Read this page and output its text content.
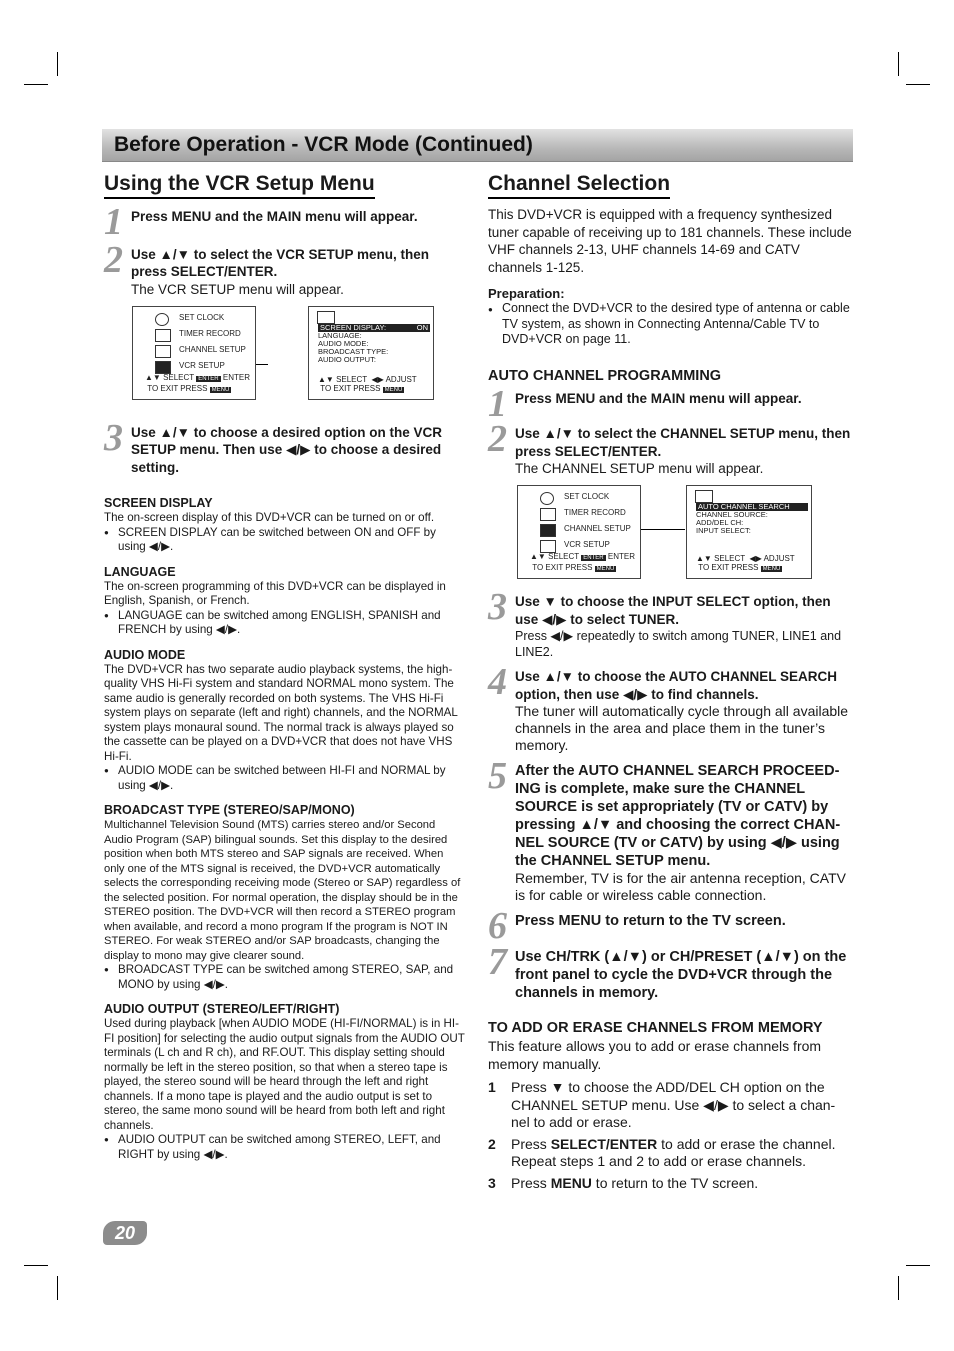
Before Operation - VCR Mode (Continued)
Using the VCR Setup Menu
1 Press MENU and the MAIN menu will appear.
2 Use ▲/▼ to select the VCR SETUP menu, then press SELECT/ENTER.
The VCR SETUP menu will appear.
SET CLOCK
TIMER RECORD
CHANNEL SETUP
VCR SETUP
▲▼ SELECT ENTER ENTER
TO EXIT PRESS MENU
SCREEN DISPLAY:	ON
LANGUAGE:
AUDIO MODE:
BROADCAST TYPE:
AUDIO OUTPUT:
▲▼ SELECT  ◀▶ ADJUST
TO EXIT PRESS MENU
3 Use ▲/▼ to choose a desired option on the VCR SETUP menu. Then use ◀/▶ to choose a desired setting.
SCREEN DISPLAY

The on-screen display of this DVD+VCR can be turned on or off.

● SCREEN DISPLAY can be switched between ON and OFF by using ◀/▶.

LANGUAGE

The on-screen programming of this DVD+VCR can be displayed in English, Spanish, or French.

● LANGUAGE can be switched among ENGLISH, SPANISH and FRENCH by using ◀/▶.

AUDIO MODE

The DVD+VCR has two separate audio playback systems, the high-quality VHS Hi-Fi system and standard NORMAL mono system. The same audio is generally recorded on both systems. The VHS Hi-Fi system plays on separate (left and right) channels, and the NORMAL system plays monaural sound. The normal track is always played so the cassette can be played on a DVD+VCR that does not have VHS Hi-Fi.

● AUDIO MODE can be switched between HI-FI and NORMAL by using ◀/▶.

BROADCAST TYPE (STEREO/SAP/MONO)

Multichannel Television Sound (MTS) carries stereo and/or Second Audio Program (SAP) bilingual sounds. Set this display to the desired position when both MTS stereo and SAP signals are received. When only one of the MTS signal is received, the DVD+VCR automatically selects the corresponding receiving mode (Stereo or SAP) regardless of the selected position. For normal operation, the display should be in the STEREO position. The DVD+VCR will then record a STEREO program when available, and record a mono program If the program is NOT IN STEREO. For weak STEREO and/or SAP broadcasts, changing the display to mono may give clearer sound.

● BROADCAST TYPE can be switched among STEREO, SAP, and MONO by using ◀/▶.

AUDIO OUTPUT (STEREO/LEFT/RIGHT)

Used during playback [when AUDIO MODE (HI-FI/NORMAL) is in HI-FI position] for selecting the audio output signals from the AUDIO OUT terminals (L ch and R ch), and RF.OUT. This display setting should normally be left in the stereo position, so that when a stereo tape is played, the stereo sound will be heard through the left and right channels. If a mono tape is played and the audio output is set to stereo, the same mono sound will be heard from both left and right channels.

● AUDIO OUTPUT can be switched among STEREO, LEFT, and RIGHT by using ◀/▶.

Channel Selection

This DVD+VCR is equipped with a frequency synthesized tuner capable of receiving up to 181 channels. These include VHF channels 2-13, UHF channels 14-69 and CATV channels 1-125.

Preparation:

● Connect the DVD+VCR to the desired type of antenna or cable TV system, as shown in Connecting Antenna/Cable TV to DVD+VCR on page 11.

AUTO CHANNEL PROGRAMMING
1 Press MENU and the MAIN menu will appear.
2 Use ▲/▼ to select the CHANNEL SETUP menu, then press SELECT/ENTER.
The CHANNEL SETUP menu will appear.
SET CLOCK
TIMER RECORD
CHANNEL SETUP
VCR SETUP
▲▼ SELECT ENTER ENTER
TO EXIT PRESS MENU
AUTO CHANNEL SEARCH
CHANNEL SOURCE:
ADD/DEL CH:
INPUT SELECT:
▲▼ SELECT  ◀▶ ADJUST
TO EXIT PRESS MENU
3 Use ▼ to choose the INPUT SELECT option, then use ◀/▶ to select TUNER.
Press ◀/▶ repeatedly to switch among TUNER, LINE1 and LINE2.
4 Use ▲/▼ to choose the AUTO CHANNEL SEARCH option, then use ◀/▶ to find channels.
The tuner will automatically cycle through all available channels in the area and place them in the tuner’s memory.
5 After the AUTO CHANNEL SEARCH PROCEED-ING is complete, make sure the CHANNEL SOURCE is set appropriately (TV or CATV) by pressing ▲/▼ and choosing the correct CHAN-NEL SOURCE (TV or CATV) by using ◀/▶ using the CHANNEL SETUP menu.
Remember, TV is for the air antenna reception, CATV is for cable or wireless cable connection.
6 Press MENU to return to the TV screen.
7 Use CH/TRK (▲/▼) or CH/PRESET (▲/▼) on the front panel to cycle the DVD+VCR through the channels in memory.
TO ADD OR ERASE CHANNELS FROM MEMORY

This feature allows you to add or erase channels from memory manually.

1 Press ▼ to choose the ADD/DEL CH option on the CHANNEL SETUP menu. Use ◀/▶ to select a chan-nel to add or erase.
2 Press SELECT/ENTER to add or erase the channel. Repeat steps 1 and 2 to add or erase channels.
3 Press MENU to return to the TV screen.
20
